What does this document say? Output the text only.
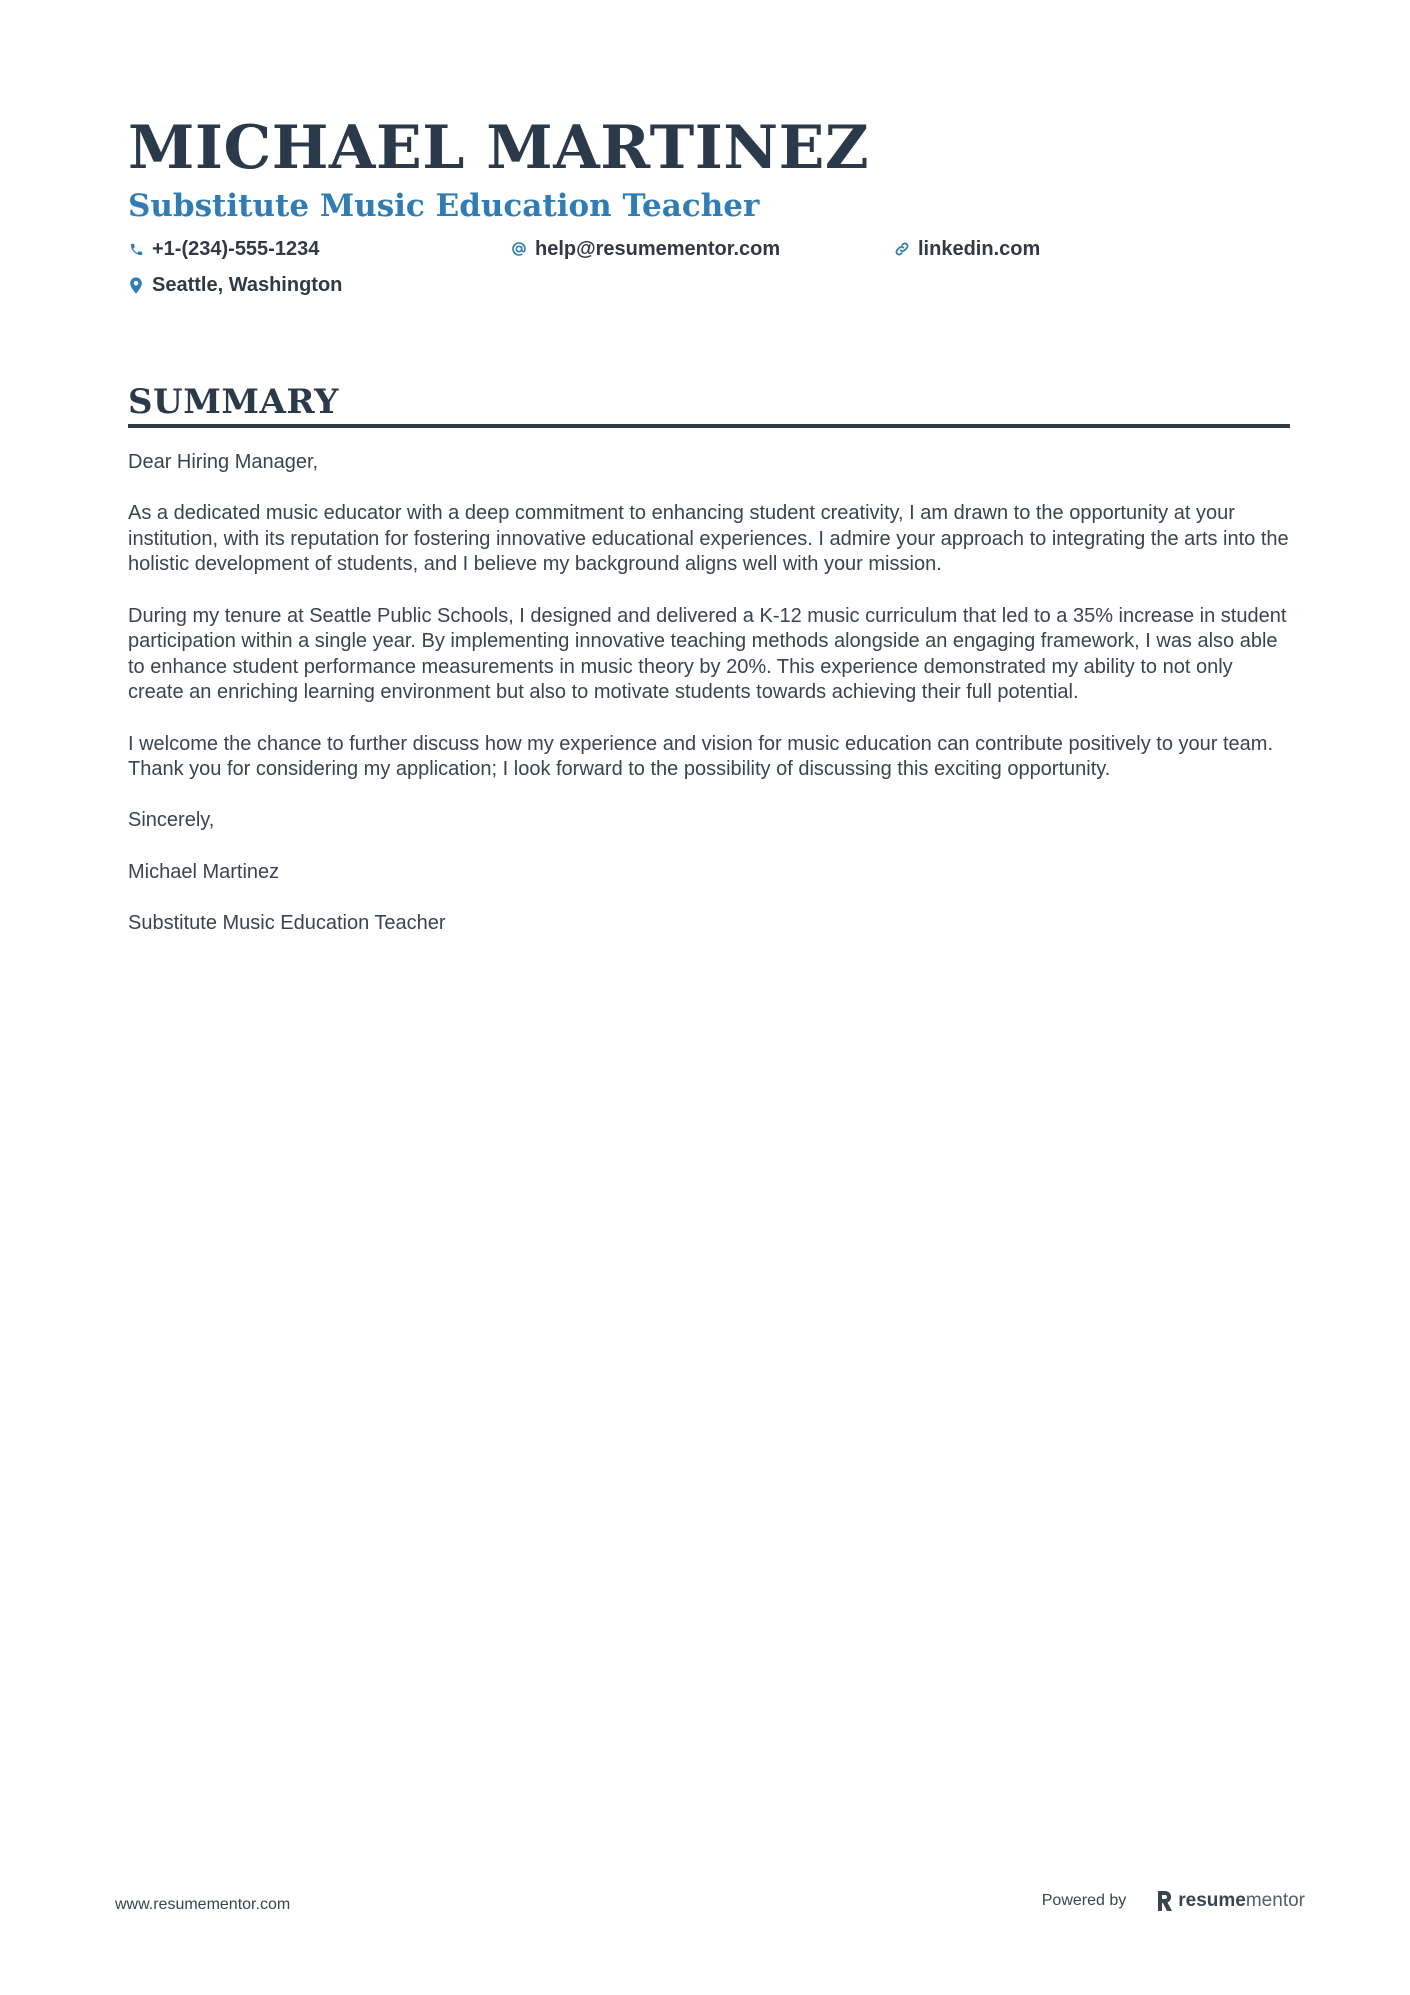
MICHAEL MARTINEZ
Substitute Music Education Teacher
+1-(234)-555-1234	help@resumementor.com	linkedin.com
Seattle, Washington
SUMMARY

Dear Hiring Manager,

As a dedicated music educator with a deep commitment to enhancing student creativity, I am drawn to the opportunity at your institution, with its reputation for fostering innovative educational experiences. I admire your approach to integrating the arts into the holistic development of students, and I believe my background aligns well with your mission.

During my tenure at Seattle Public Schools, I designed and delivered a K-12 music curriculum that led to a 35% increase in student participation within a single year. By implementing innovative teaching methods alongside an engaging framework, I was also able to enhance student performance measurements in music theory by 20%. This experience demonstrated my ability to not only create an enriching learning environment but also to motivate students towards achieving their full potential.

I welcome the chance to further discuss how my experience and vision for music education can contribute positively to your team. Thank you for considering my application; I look forward to the possibility of discussing this exciting opportunity.

Sincerely,

Michael Martinez

Substitute Music Education Teacher

www.resumementor.com	Powered by	resume mentor
